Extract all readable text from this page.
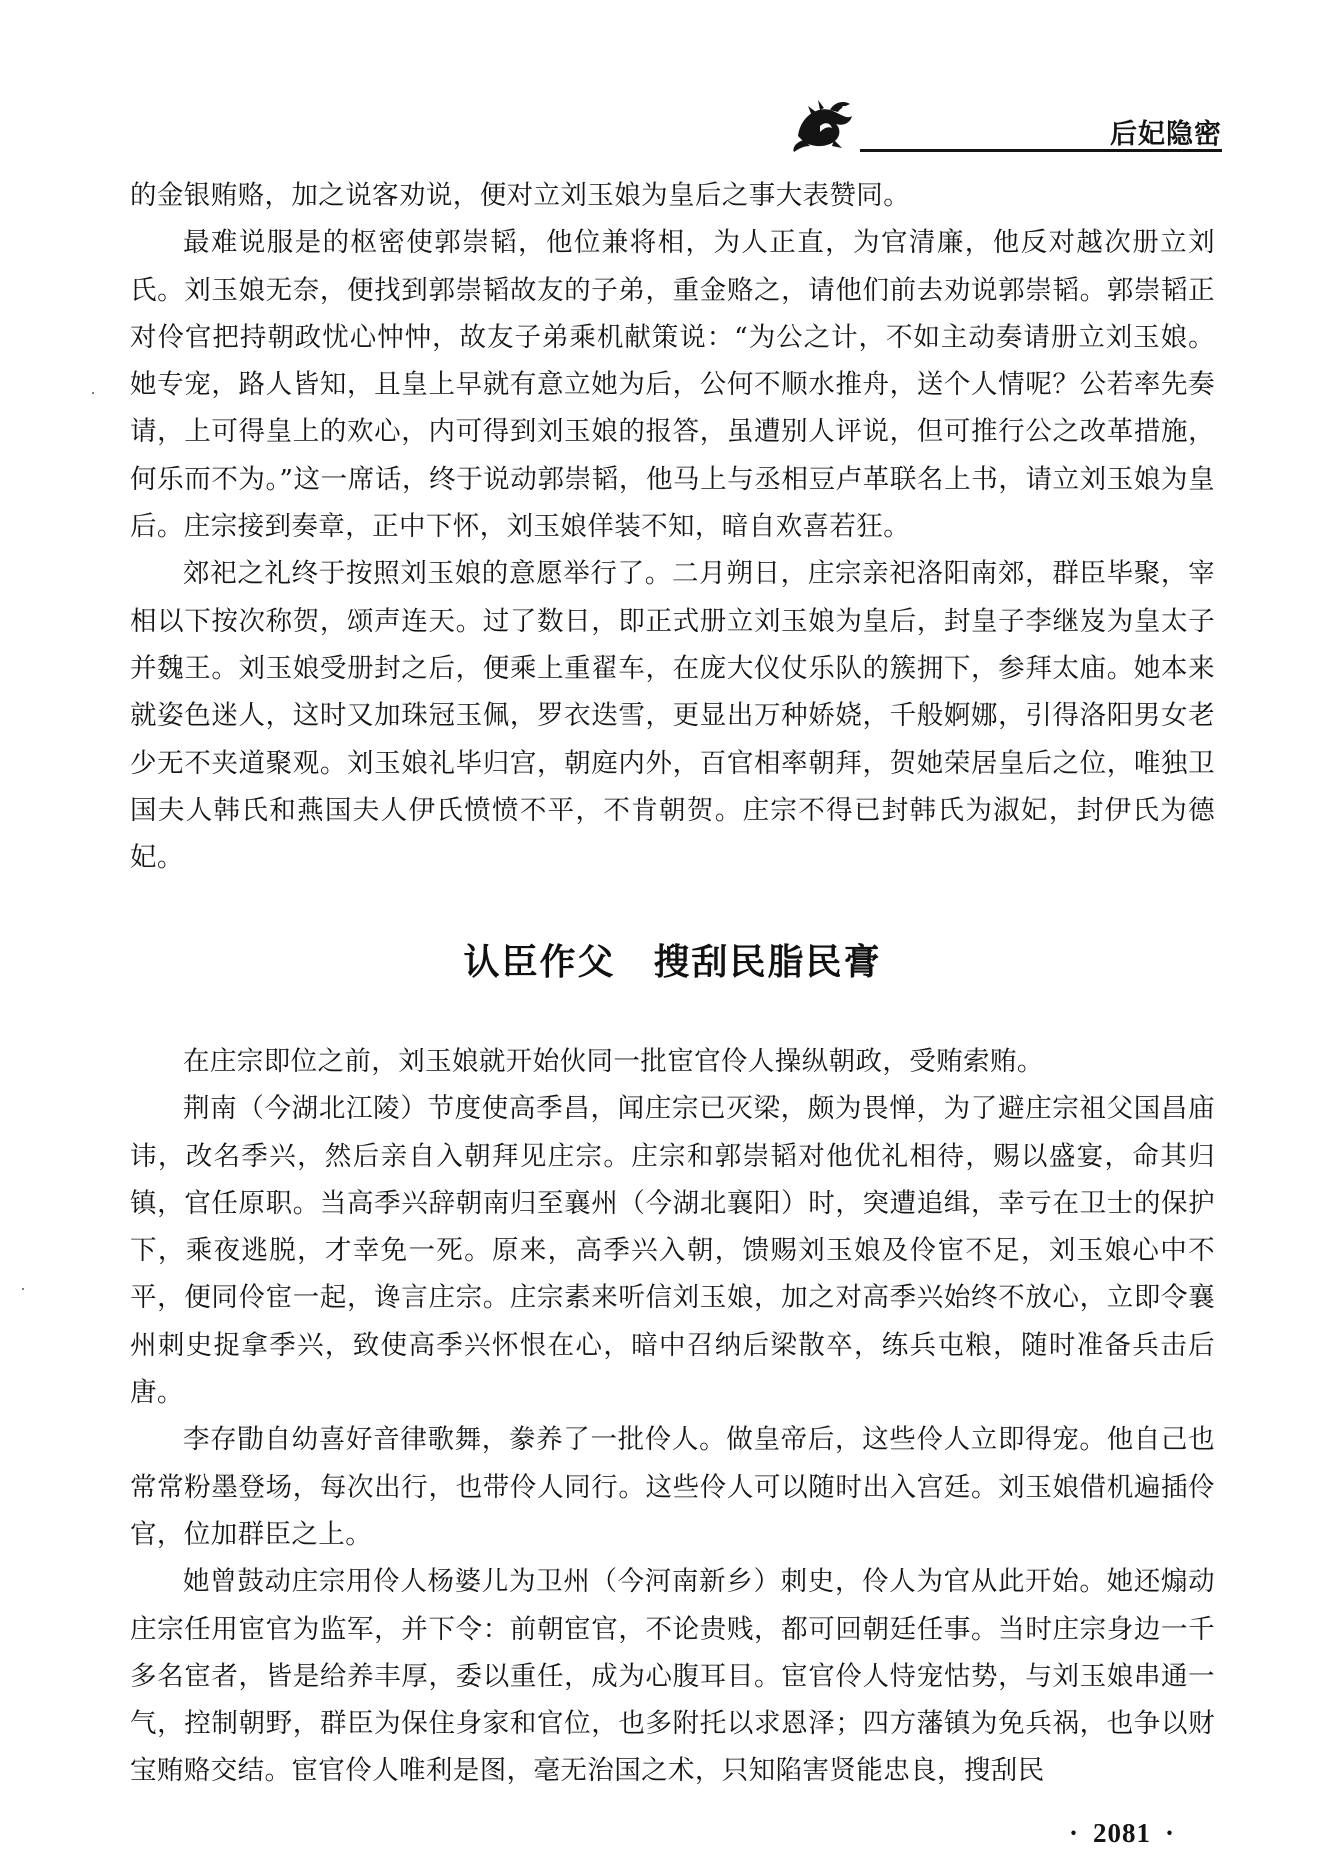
后妃隐密

的金银贿赂，加之说客劝说，便对立刘玉娘为皇后之事大表赞同。

最难说服是的枢密使郭崇韬，他位兼将相，为人正直，为官清廉，他反对越次册立刘氏。刘玉娘无奈，便找到郭崇韬故友的子弟，重金赂之，请他们前去劝说郭崇韬。郭崇韬正对伶官把持朝政忧心忡忡，故友子弟乘机献策说：“为公之计，不如主动奏请册立刘玉娘。她专宠，路人皆知，且皇上早就有意立她为后，公何不顺水推舟，送个人情呢？公若率先奏请，上可得皇上的欢心，内可得到刘玉娘的报答，虽遭别人评说，但可推行公之改革措施，何乐而不为。”这一席话，终于说动郭崇韬，他马上与丞相豆卢革联名上书，请立刘玉娘为皇后。庄宗接到奏章，正中下怀，刘玉娘佯装不知，暗自欢喜若狂。

郊祀之礼终于按照刘玉娘的意愿举行了。二月朔日，庄宗亲祀洛阳南郊，群臣毕聚，宰相以下按次称贺，颂声连天。过了数日，即正式册立刘玉娘为皇后，封皇子李继岌为皇太子并魏王。刘玉娘受册封之后，便乘上重翟车，在庞大仪仗乐队的簇拥下，参拜太庙。她本来就姿色迷人，这时又加珠冠玉佩，罗衣迭雪，更显出万种娇娆，千般婀娜，引得洛阳男女老少无不夹道聚观。刘玉娘礼毕归宫，朝庭内外，百官相率朝拜，贺她荣居皇后之位，唯独卫国夫人韩氏和燕国夫人伊氏愤愤不平，不肯朝贺。庄宗不得已封韩氏为淑妃，封伊氏为德妃。

认臣作父　搜刮民脂民膏

在庄宗即位之前，刘玉娘就开始伙同一批宦官伶人操纵朝政，受贿索贿。

荆南（今湖北江陵）节度使高季昌，闻庄宗已灭梁，颇为畏惮，为了避庄宗祖父国昌庙讳，改名季兴，然后亲自入朝拜见庄宗。庄宗和郭崇韬对他优礼相待，赐以盛宴，命其归镇，官任原职。当高季兴辞朝南归至襄州（今湖北襄阳）时，突遭追缉，幸亏在卫士的保护下，乘夜逃脱，才幸免一死。原来，高季兴入朝，馈赐刘玉娘及伶宦不足，刘玉娘心中不平，便同伶宦一起，谗言庄宗。庄宗素来听信刘玉娘，加之对高季兴始终不放心，立即令襄州刺史捉拿季兴，致使高季兴怀恨在心，暗中召纳后梁散卒，练兵屯粮，随时准备兵击后唐。

李存勖自幼喜好音律歌舞，豢养了一批伶人。做皇帝后，这些伶人立即得宠。他自己也常常粉墨登场，每次出行，也带伶人同行。这些伶人可以随时出入宫廷。刘玉娘借机遍插伶官，位加群臣之上。

她曾鼓动庄宗用伶人杨婆儿为卫州（今河南新乡）刺史，伶人为官从此开始。她还煽动庄宗任用宦官为监军，并下令：前朝宦官，不论贵贱，都可回朝廷任事。当时庄宗身边一千多名宦者，皆是给养丰厚，委以重任，成为心腹耳目。宦官伶人恃宠怙势，与刘玉娘串通一气，控制朝野，群臣为保住身家和官位，也多附托以求恩泽；四方藩镇为免兵祸，也争以财宝贿赂交结。宦官伶人唯利是图，毫无治国之术，只知陷害贤能忠良，搜刮民

· 2081 ·
